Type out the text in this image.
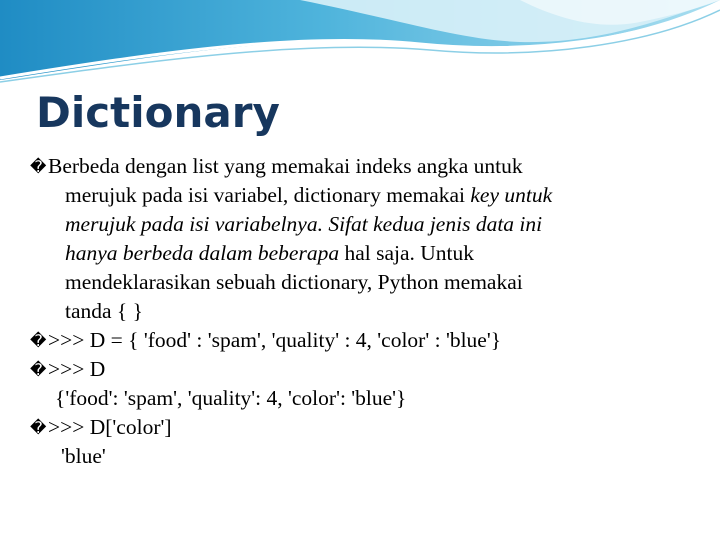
Dictionary
�Berbeda dengan list yang memakai indeks angka untuk
merujuk pada isi variabel, dictionary memakai key untuk
merujuk pada isi variabelnya. Sifat kedua jenis data ini
hanya berbeda dalam beberapa hal saja. Untuk
mendeklarasikan sebuah dictionary, Python memakai
tanda { }
�>>> D = { 'food' : 'spam', 'quality' : 4, 'color' : 'blue'}
�>>> D
{'food': 'spam', 'quality': 4, 'color': 'blue'}
�>>> D['color']
'blue'
